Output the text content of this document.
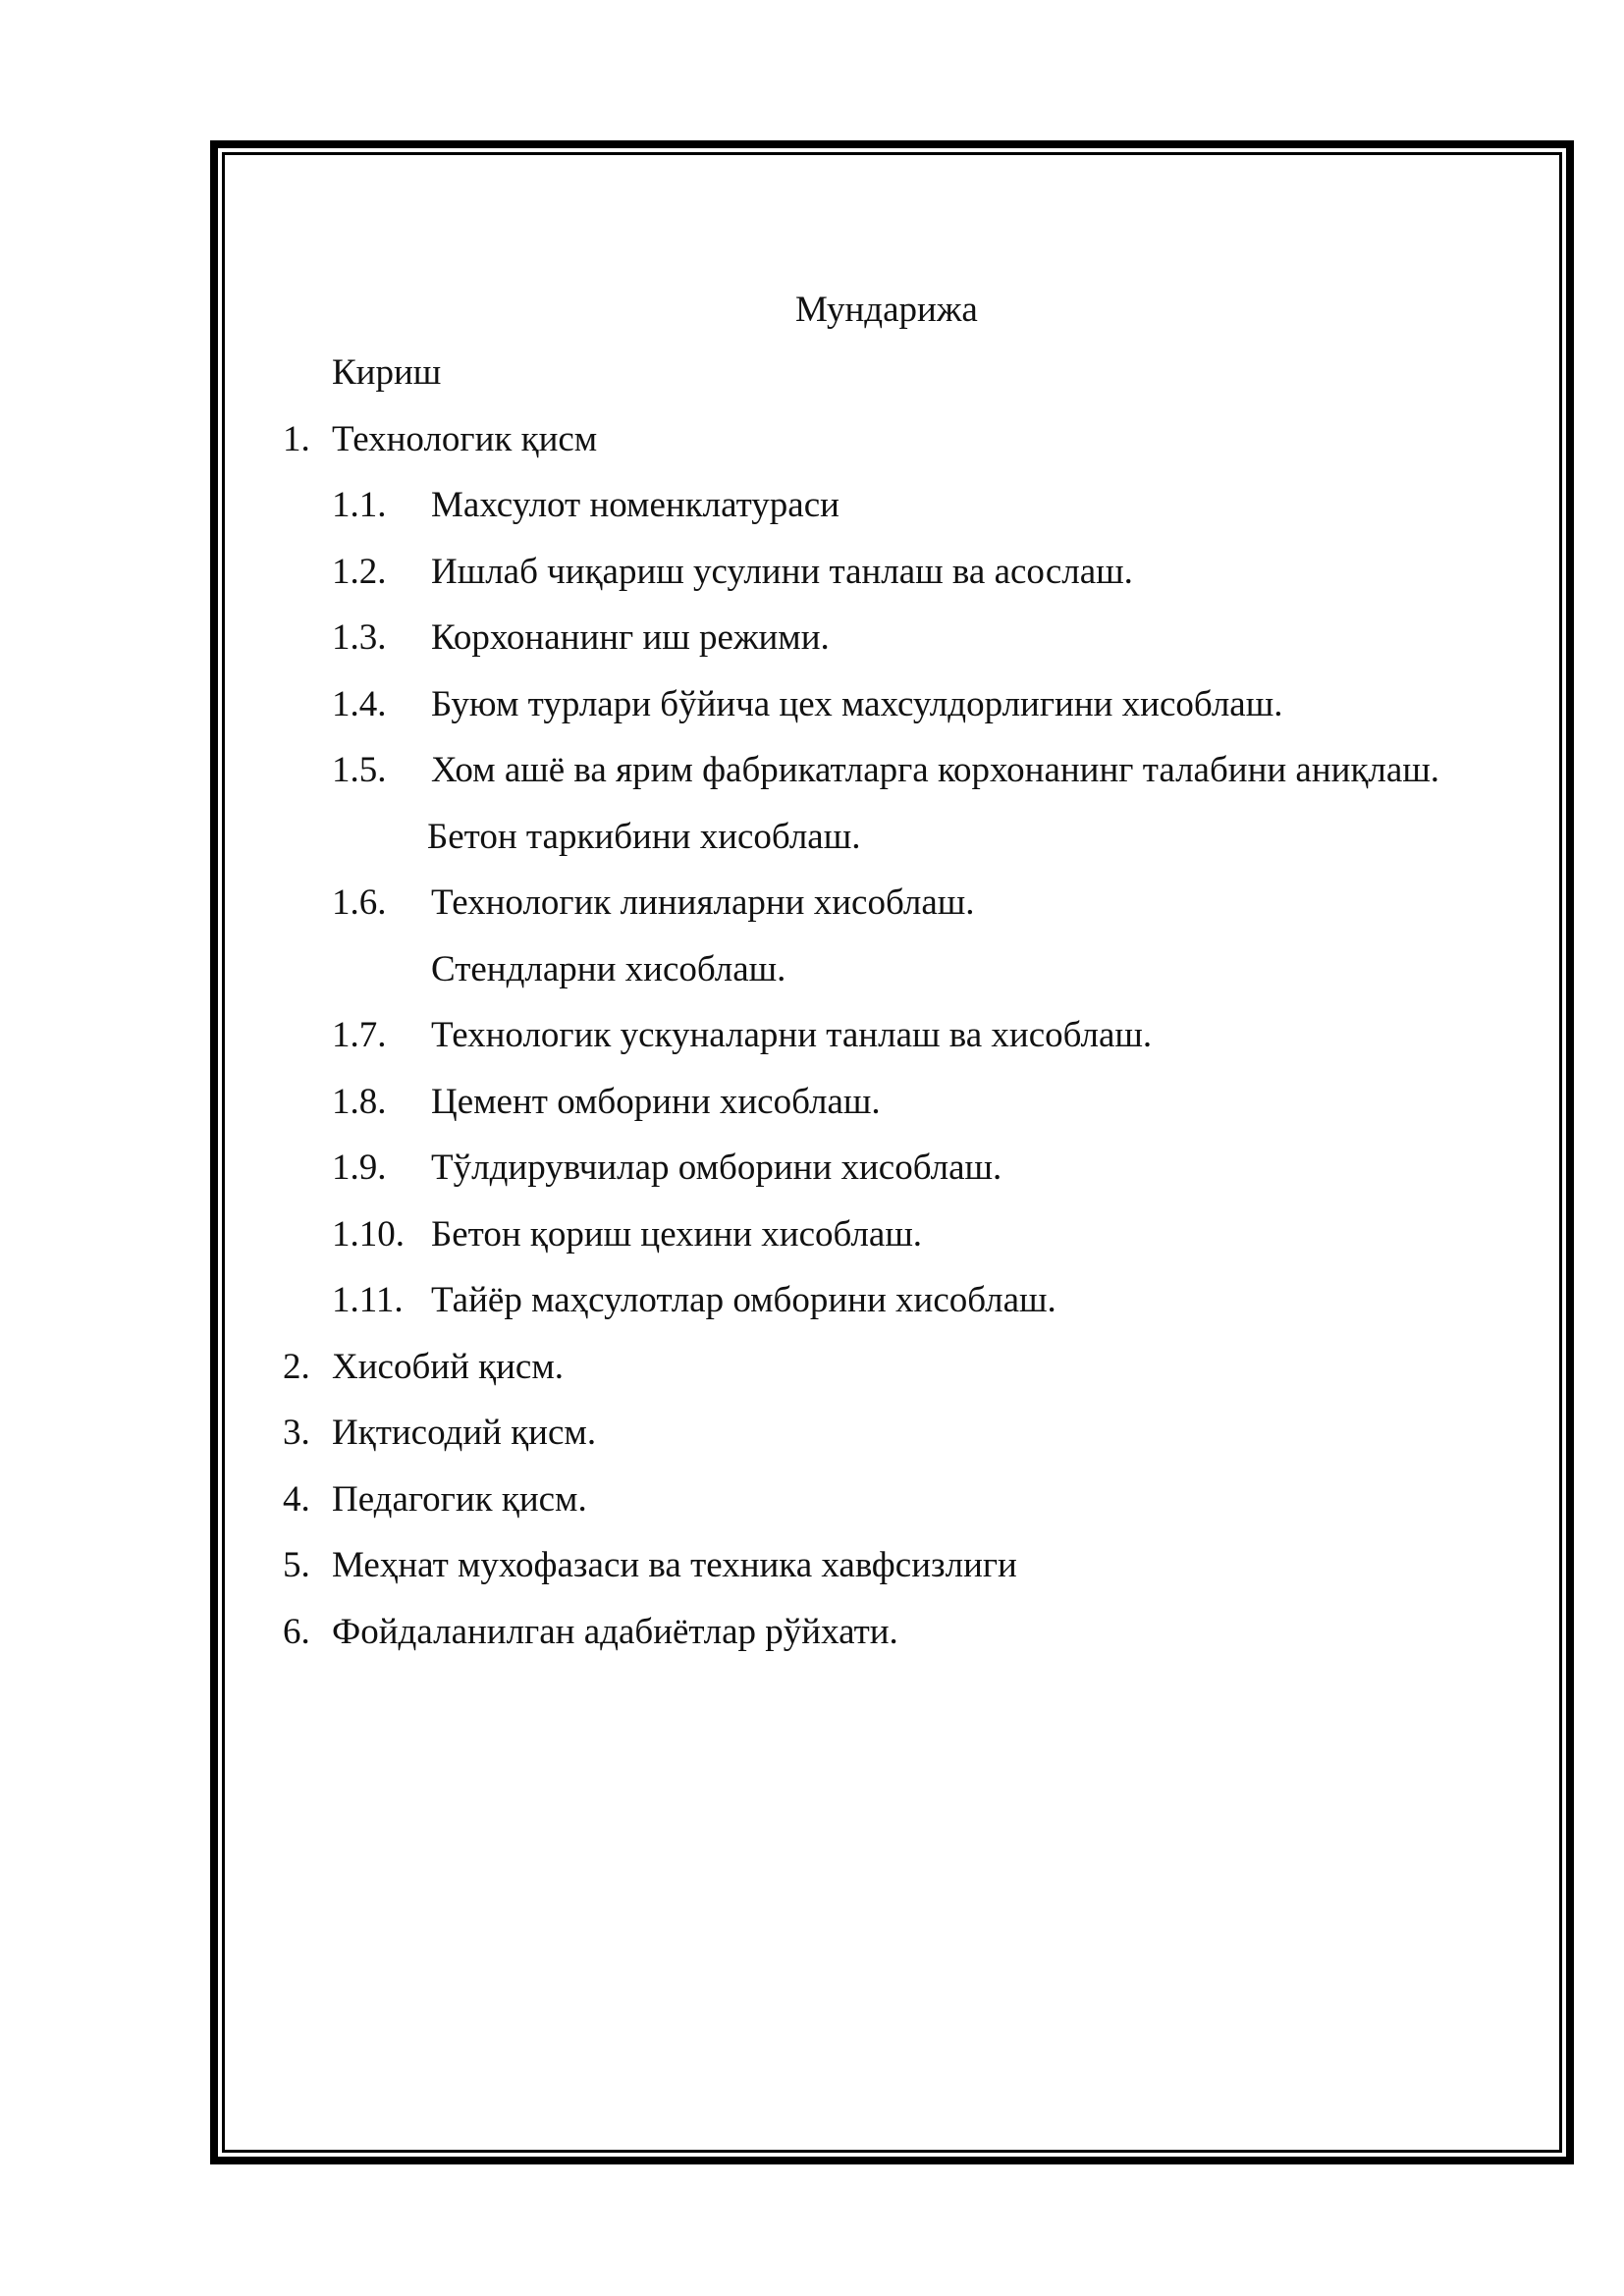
Мундарижа
Кириш
1. Технологик қисм
1.1. Махсулот номенклатураси
1.2. Ишлаб чиқариш усулини танлаш ва асослаш.
1.3. Корхонанинг иш режими.
1.4. Буюм турлари бўйича цех махсулдорлигини хисоблаш.
1.5. Хом ашё ва ярим фабрикатларга корхонанинг талабини аниқлаш.
Бетон таркибини хисоблаш.
1.6. Технологик линияларни хисоблаш.
Стендларни хисоблаш.
1.7. Технологик ускуналарни танлаш ва хисоблаш.
1.8. Цемент омборини хисоблаш.
1.9. Тўлдирувчилар омборини хисоблаш.
1.10. Бетон қориш цехини хисоблаш.
1.11. Тайёр маҳсулотлар омборини хисоблаш.
2. Хисобий қисм.
3. Иқтисодий қисм.
4. Педагогик қисм.
5. Меҳнат мухофазаси ва техника хавфсизлиги
6. Фойдаланилган адабиётлар рўйхати.
